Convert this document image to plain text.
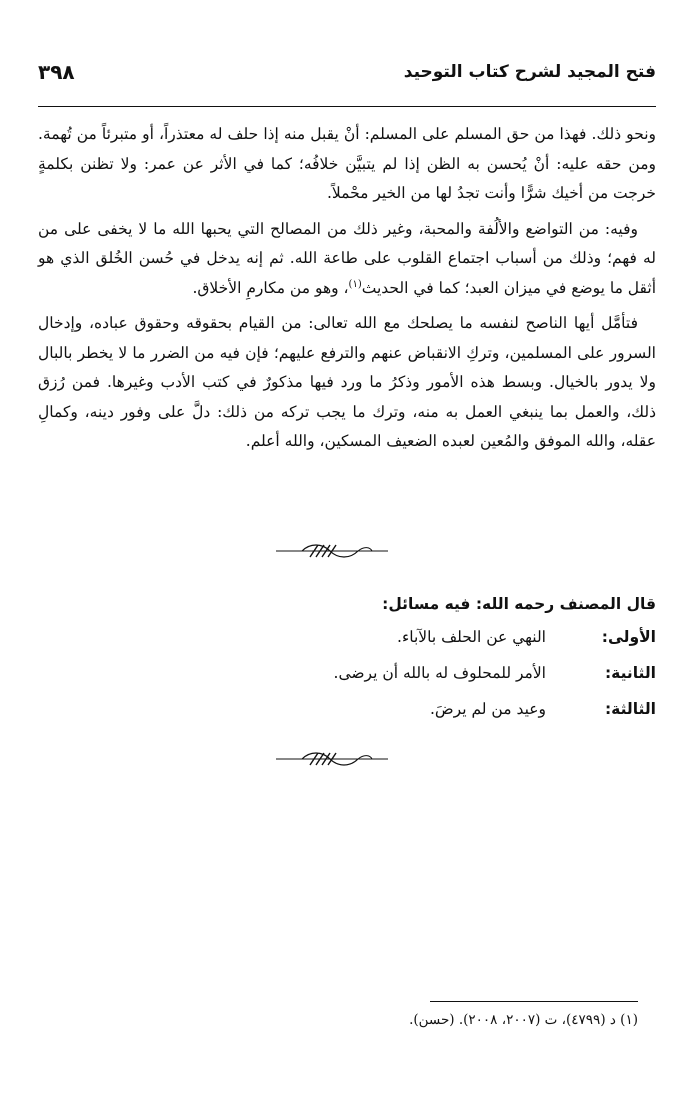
فتح المجيد لشرح كتاب التوحيد
٣٩٨

ونحو ذلك. فهذا من حق المسلم على المسلم: أنْ يقبل منه إذا حلف له معتذراً، أو متبرئاً من تُهمة. ومن حقه عليه: أنْ يُحسن به الظن إذا لم يتبيَّن خلافُه؛ كما في الأثر عن عمر: ولا تظنن بكلمةٍ خرجت من أخيك شرًّا وأنت تجدُ لها من الخير محْملاً.

وفيه: من التواضع والألُفة والمحبة، وغير ذلك من المصالح التي يحبها الله ما لا يخفى على من له فهم؛ وذلك من أسباب اجتماع القلوب على طاعة الله. ثم إنه يدخل في حُسن الخُلق الذي هو أثقل ما يوضع في ميزان العبد؛ كما في الحديث$^{(١)}$، وهو من مكارمِ الأخلاق.

فتأمَّل أيها الناصح لنفسه ما يصلحك مع الله تعالى: من القيام بحقوقه وحقوق عباده، وإدخال السرور على المسلمين، وتركِ الانقباض عنهم والترفع عليهم؛ فإن فيه من الضرر ما لا يخطر بالبال ولا يدور بالخيال. وبسط هذه الأمور وذكرُ ما ورد فيها مذكورٌ في كتب الأدب وغيرها. فمن رُزق ذلك، والعمل بما ينبغي العمل به منه، وترك ما يجب تركه من ذلك: دلَّ على وفور دينه، وكمالِ عقله، والله الموفق والمُعين لعبده الضعيف المسكين، والله أعلم.

قال المصنف رحمه الله: فيه مسائل:
الأولى:
النهي عن الحلف بالآباء.
الثانية:
الأمر للمحلوف له بالله أن يرضى.
الثالثة:
وعيد من لم يرضَ.
(١) د (٤٧٩٩)، ت (٢٠٠٧، ٢٠٠٨). (حسن).
